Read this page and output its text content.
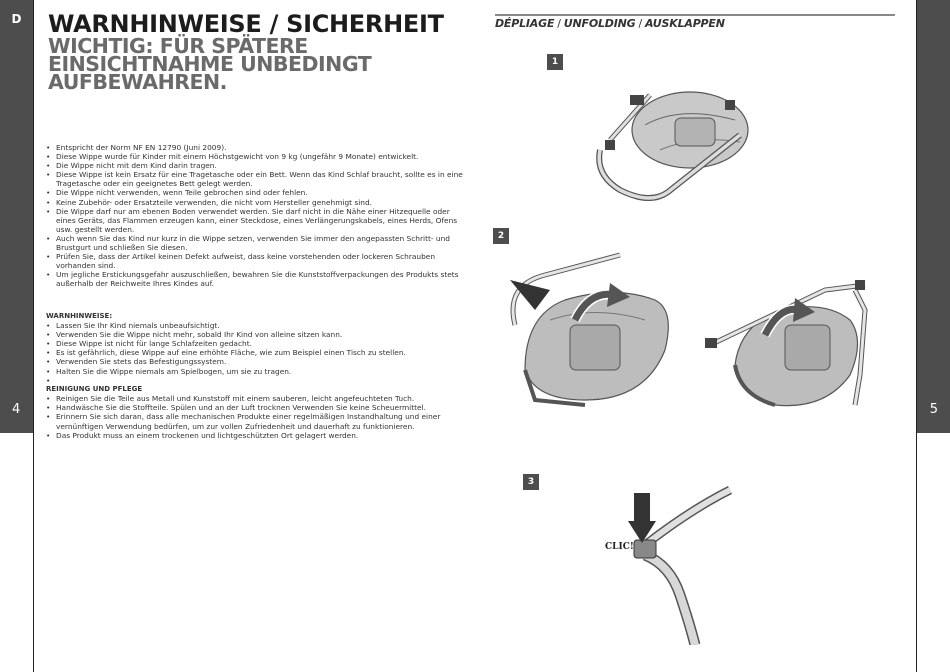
D
4	5
WARNHINWEISE / SICHERHEIT
WICHTIG: FÜR SPÄTERE
EINSICHTNAHME UNBEDINGT
AUFBEWAHREN.
• Entspricht der Norm NF EN 12790 (Juni 2009).
• Diese Wippe wurde für Kinder mit einem Höchstgewicht von 9 kg (ungefähr 9 Monate) entwickelt.
• Die Wippe nicht mit dem Kind darin tragen.
• Diese Wippe ist kein Ersatz für eine Tragetasche oder ein Bett. Wenn das Kind Schlaf braucht, sollte es in eine Tragetasche oder ein geeignetes Bett gelegt werden.
• Die Wippe nicht verwenden, wenn Teile gebrochen sind oder fehlen.
• Keine Zubehör- oder Ersatzteile verwenden, die nicht vom Hersteller genehmigt sind.
• Die Wippe darf nur am ebenen Boden verwendet werden. Sie darf nicht in die Nähe einer Hitzequelle oder eines Geräts, das Flammen erzeugen kann, einer Steckdose, eines Verlängerungskabels, eines Herds, Ofens usw. gestellt werden.
• Auch wenn Sie das Kind nur kurz in die Wippe setzen, verwenden Sie immer den angepassten Schritt- und Brustgurt und schließen Sie diesen.
• Prüfen Sie, dass der Artikel keinen Defekt aufweist, dass keine vorstehenden oder lockeren Schrauben vorhanden sind.
• Um jegliche Erstickungsgefahr auszuschließen, bewahren Sie die Kunststoffverpackungen des Produkts stets außerhalb der Reichweite Ihres Kindes auf.
WARNHINWEISE:
• Lassen Sie Ihr Kind niemals unbeaufsichtigt.
• Verwenden Sie die Wippe nicht mehr, sobald Ihr Kind von alleine sitzen kann.
• Diese Wippe ist nicht für lange Schlafzeiten gedacht.
• Es ist gefährlich, diese Wippe auf eine erhöhte Fläche, wie zum Beispiel einen Tisch zu stellen.
• Verwenden Sie stets das Befestigungssystem.
• Halten Sie die Wippe niemals am Spielbogen, um sie zu tragen.
•
REINIGUNG UND PFLEGE
• Reinigen Sie die Teile aus Metall und Kunststoff mit einem sauberen, leicht angefeuchteten Tuch.
• Handwäsche Sie die Stoffteile. Spülen und an der Luft trocknen Verwenden Sie keine Scheuermittel.
• Erinnern Sie sich daran, dass alle mechanischen Produkte einer regelmäßigen Instandhaltung und einer vernünftigen Verwendung bedürfen, um zur vollen Zufriedenheit und dauerhaft zu funktionieren.
• Das Produkt muss an einem trockenen und lichtgeschützten Ort gelagert werden.
DÉPLIAGE / UNFOLDING / AUSKLAPPEN
1
2
3
CLIC!
